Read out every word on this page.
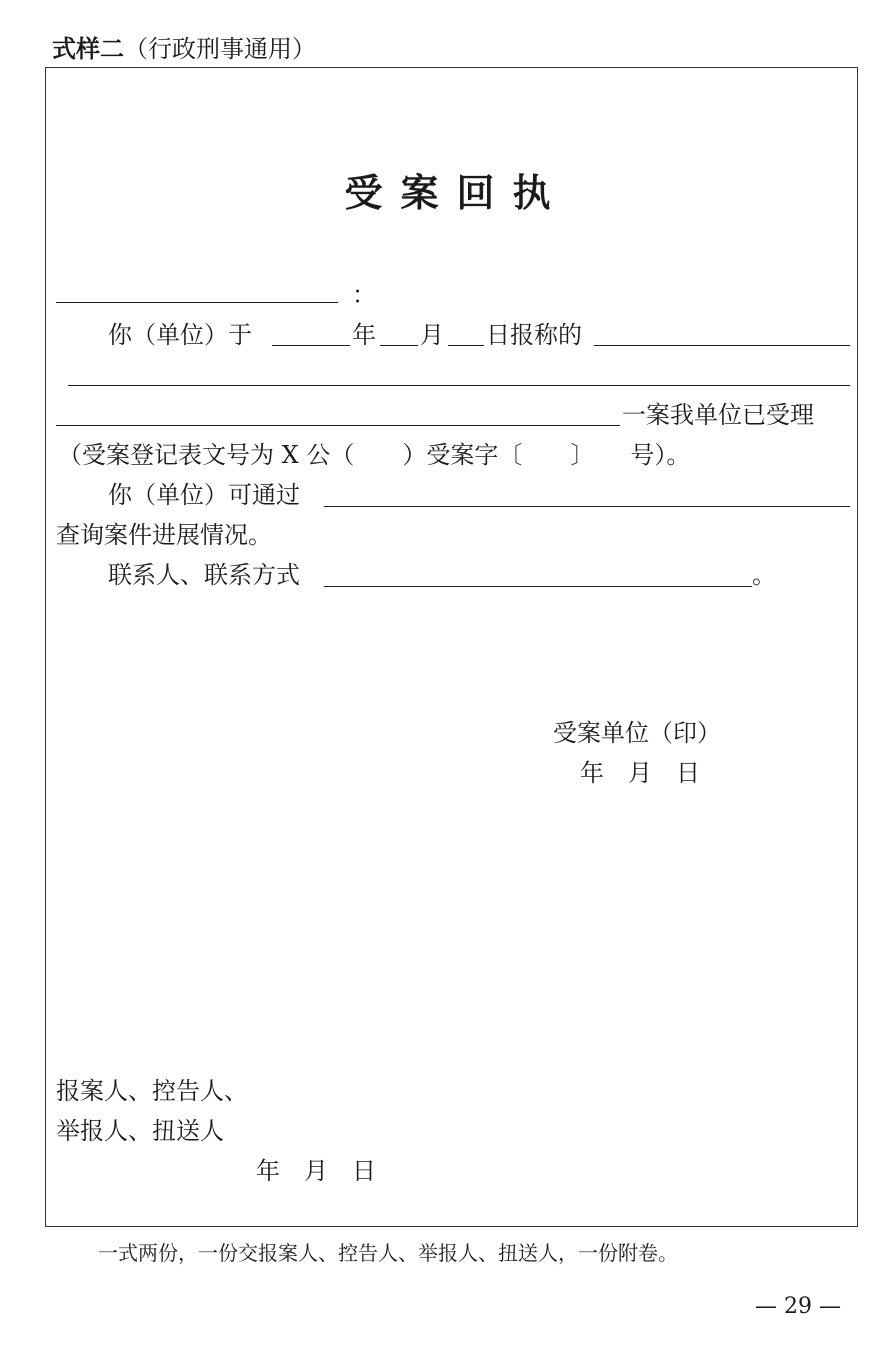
式样二（行政刑事通用）
受案回执
：
你（单位）于	年 月 日报称的
一案我单位已受理
（受案登记表文号为 X 公（　　）受案字〔　　〕　　号）。
你（单位）可通过
查询案件进展情况。
联系人、联系方式	。
受案单位（印）
年　月　日
报案人、控告人、
举报人、扭送人
年　月　日
一式两份，一份交报案人、控告人、举报人、扭送人，一份附卷。
— 29 —
